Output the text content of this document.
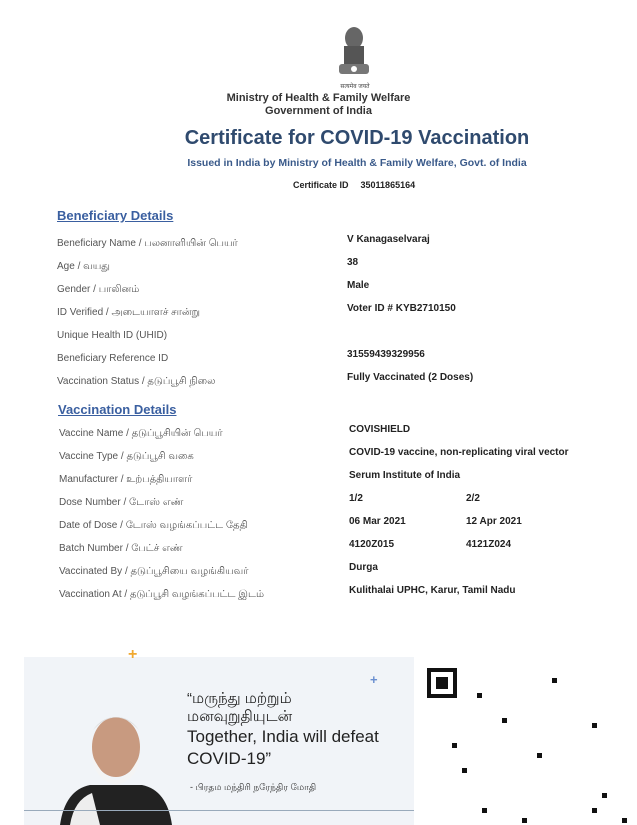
सत्यमेव जयते
Ministry of Health & Family Welfare
Government of India
Certificate for COVID-19 Vaccination
Issued in India by Ministry of Health & Family Welfare, Govt. of India
Certificate ID 35011865164
Beneficiary Details
Beneficiary Name / பலனாளியின் பெயர்	V Kanagaselvaraj
Age / வயது	38
Gender / பாலினம்	Male
ID Verified / அடையாளச் சான்று	Voter ID # KYB2710150
Unique Health ID (UHID)
Beneficiary Reference ID	31559439329956
Vaccination Status / தடுப்பூசி நிலை	Fully Vaccinated (2 Doses)
Vaccination Details
Vaccine Name / தடுப்பூசியின் பெயர்	COVISHIELD
Vaccine Type / தடுப்பூசி வகை	COVID-19 vaccine, non-replicating viral vector
Manufacturer / உற்பத்தியாளர்	Serum Institute of India
Dose Number / டோஸ் எண்	1/2	2/2
Date of Dose / டோஸ் வழங்கப்பட்ட தேதி	06 Mar 2021	12 Apr 2021
Batch Number / பேட்ச் எண்	4120Z015	4121Z024
Vaccinated By / தடுப்பூசியை வழங்கியவர்	Durga
Vaccination At / தடுப்பூசி வழங்கப்பட்ட இடம்	Kulithalai UPHC, Karur, Tamil Nadu
+
+
“மருந்து மற்றும்
மனவுறுதியுடன்
Together, India will defeat
COVID-19”
- பிரதம மந்திரி நரேந்திர மோதி
